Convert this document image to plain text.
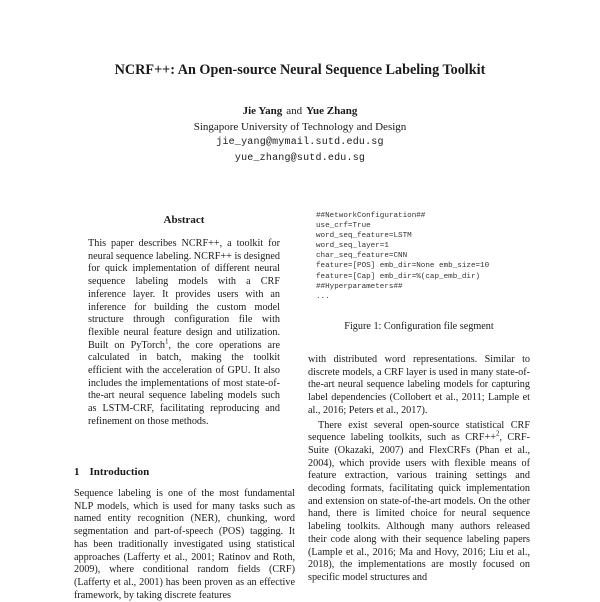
NCRF++: An Open-source Neural Sequence Labeling Toolkit
Jie Yang and Yue Zhang
Singapore University of Technology and Design
jie_yang@mymail.sutd.edu.sg
yue_zhang@sutd.edu.sg
Abstract
This paper describes NCRF++, a toolkit for neural sequence labeling. NCRF++ is designed for quick implementation of different neural sequence labeling models with a CRF inference layer. It provides users with an inference for building the custom model structure through configuration file with flexible neural feature design and utilization. Built on PyTorch$^1$, the core operations are calculated in batch, making the toolkit efficient with the acceleration of GPU. It also includes the implementations of most state-of-the-art neural sequence labeling models such as LSTM-CRF, facilitating reproducing and refinement on those methods.
1 Introduction
Sequence labeling is one of the most fundamental NLP models, which is used for many tasks such as named entity recognition (NER), chunking, word segmentation and part-of-speech (POS) tagging. It has been traditionally investigated using statistical approaches (Lafferty et al., 2001; Ratinov and Roth, 2009), where conditional random fields (CRF) (Lafferty et al., 2001) has been proven as an effective framework, by taking discrete features
##NetworkConfiguration##
use_crf=True
word_seq_feature=LSTM
word_seq_layer=1
char_seq_feature=CNN
feature=[POS] emb_dir=None emb_size=10
feature=[Cap] emb_dir=%(cap_emb_dir)
##Hyperparameters##
...
Figure 1: Configuration file segment

with distributed word representations. Similar to discrete models, a CRF layer is used in many state-of-the-art neural sequence labeling models for capturing label dependencies (Collobert et al., 2011; Lample et al., 2016; Peters et al., 2017).

There exist several open-source statistical CRF sequence labeling toolkits, such as CRF++$^2$, CRF-Suite (Okazaki, 2007) and FlexCRFs (Phan et al., 2004), which provide users with flexible means of feature extraction, various training settings and decoding formats, facilitating quick implementation and extension on state-of-the-art models. On the other hand, there is limited choice for neural sequence labeling toolkits. Although many authors released their code along with their sequence labeling papers (Lample et al., 2016; Ma and Hovy, 2016; Liu et al., 2018), the implementations are mostly focused on specific model structures and
